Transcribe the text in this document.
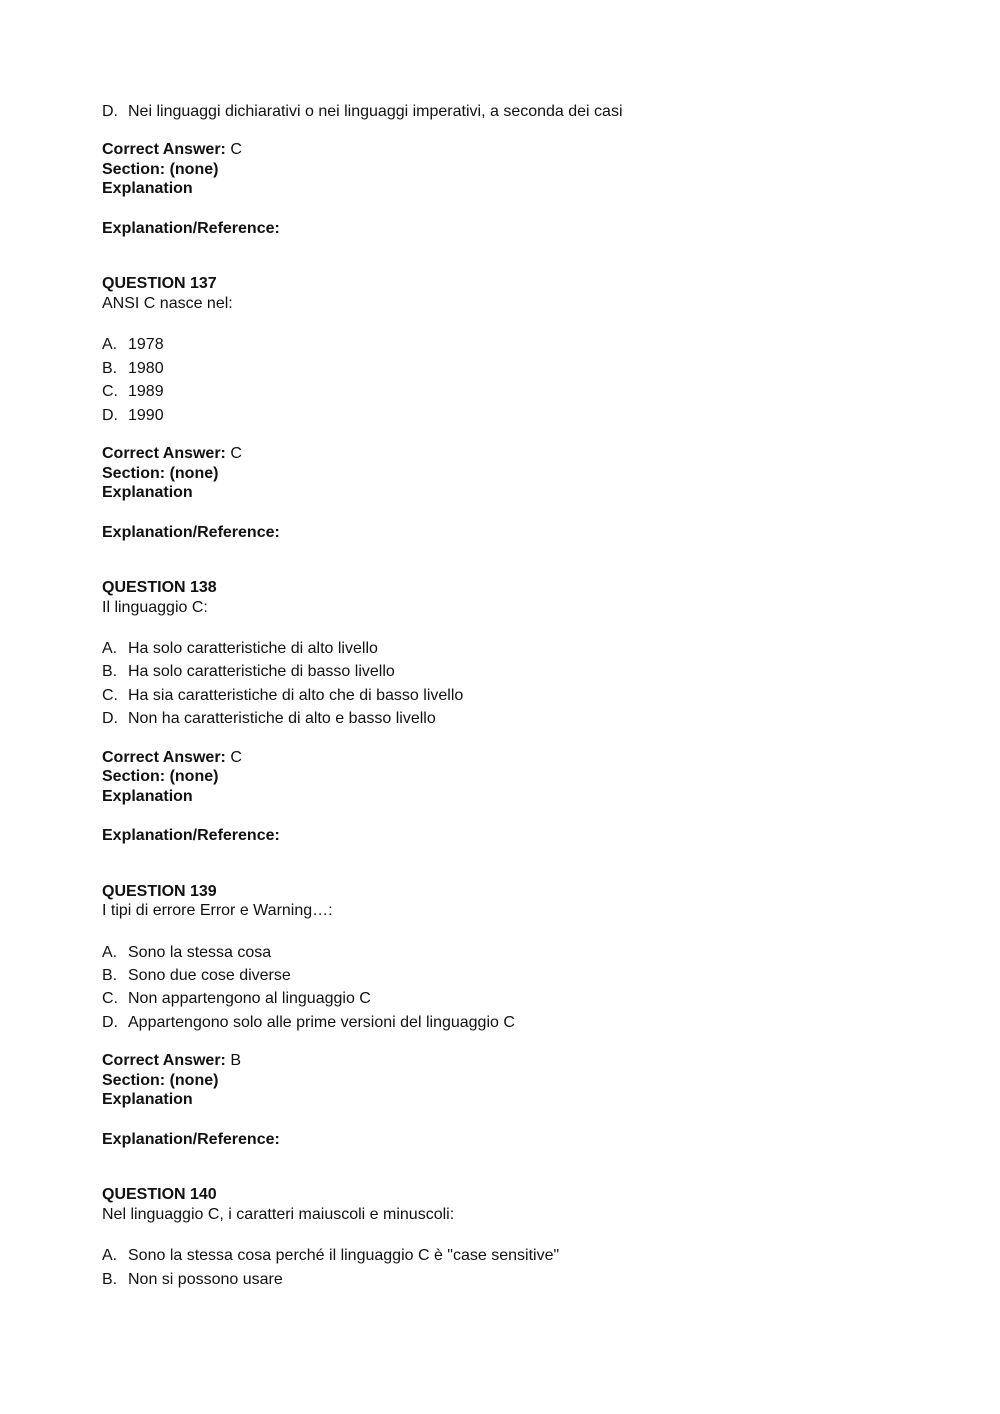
D. Nei linguaggi dichiarativi o nei linguaggi imperativi, a seconda dei casi
Correct Answer: C
Section: (none)
Explanation
Explanation/Reference:
QUESTION 137
ANSI C nasce nel:
A. 1978
B. 1980
C. 1989
D. 1990
Correct Answer: C
Section: (none)
Explanation
Explanation/Reference:
QUESTION 138
Il linguaggio C:
A. Ha solo caratteristiche di alto livello
B. Ha solo caratteristiche di basso livello
C. Ha sia caratteristiche di alto che di basso livello
D. Non ha caratteristiche di alto e basso livello
Correct Answer: C
Section: (none)
Explanation
Explanation/Reference:
QUESTION 139
I tipi di errore Error e Warning…:
A. Sono la stessa cosa
B. Sono due cose diverse
C. Non appartengono al linguaggio C
D. Appartengono solo alle prime versioni del linguaggio C
Correct Answer: B
Section: (none)
Explanation
Explanation/Reference:
QUESTION 140
Nel linguaggio C, i caratteri maiuscoli e minuscoli:
A. Sono la stessa cosa perché il linguaggio C è "case sensitive"
B. Non si possono usare
